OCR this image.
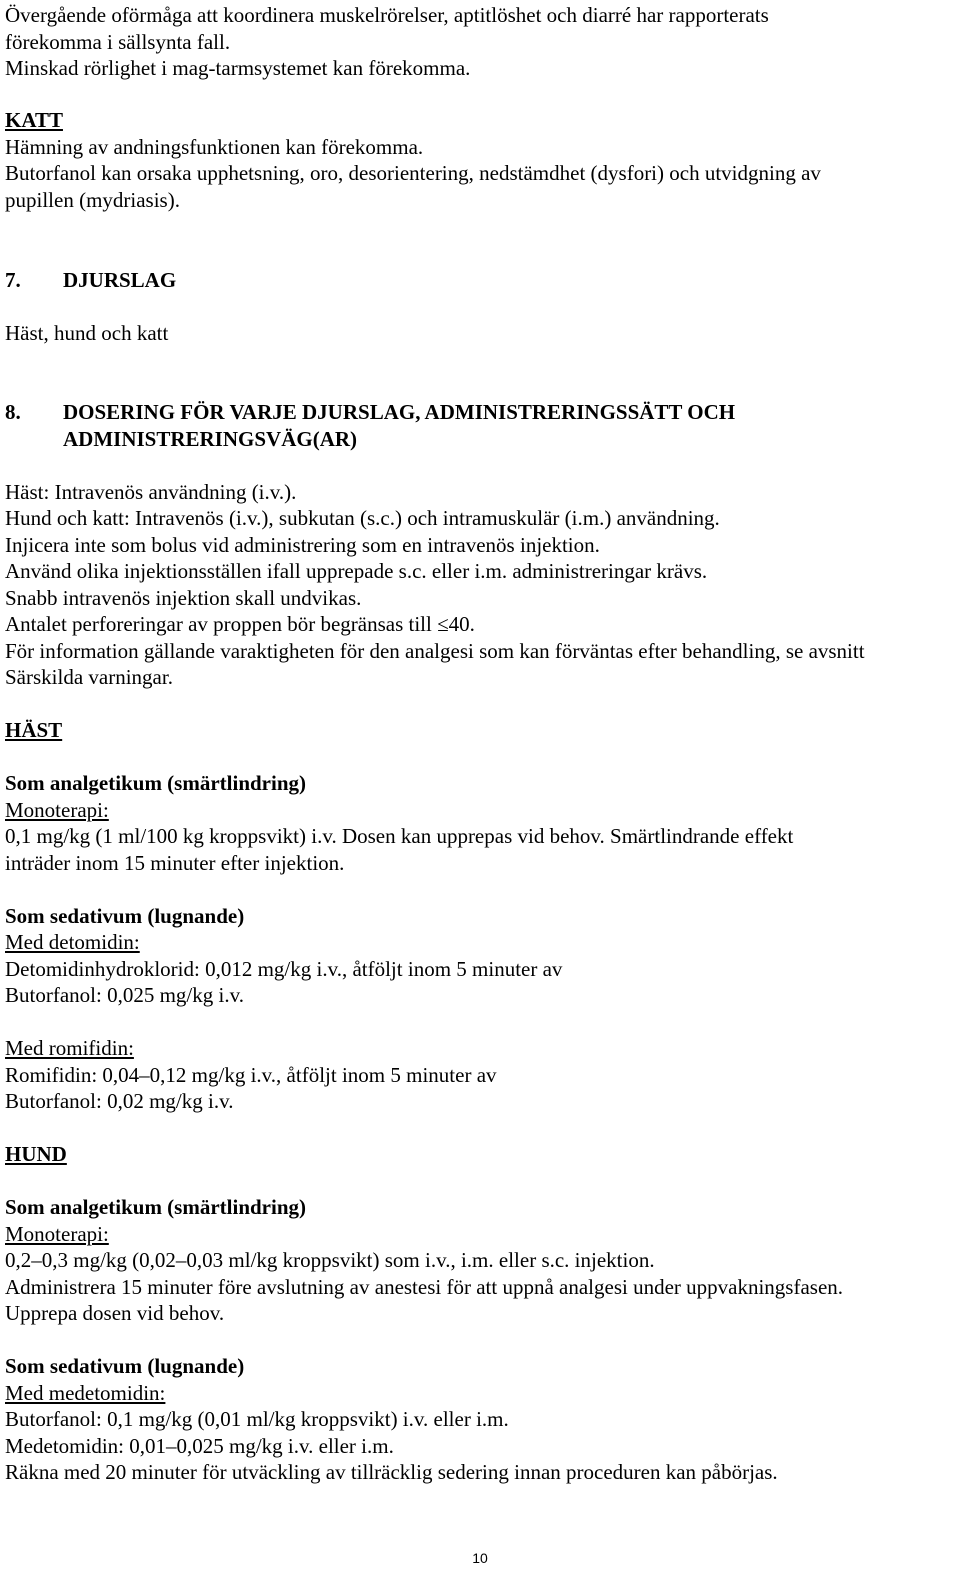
Övergående oförmåga att koordinera muskelrörelser, aptitlöshet och diarré har rapporterats
förekomma i sällsynta fall.
Minskad rörlighet i mag-tarmsystemet kan förekomma.
KATT
Hämning av andningsfunktionen kan förekomma.
Butorfanol kan orsaka upphetsning, oro, desorientering, nedstämdhet (dysfori) och utvidgning av
pupillen (mydriasis).
7. DJURSLAG
Häst, hund och katt
8. DOSERING FÖR VARJE DJURSLAG, ADMINISTRERINGSSÄTT OCH
ADMINISTRERINGSVÄG(AR)
Häst: Intravenös användning (i.v.).
Hund och katt: Intravenös (i.v.), subkutan (s.c.) och intramuskulär (i.m.) användning.
Injicera inte som bolus vid administrering som en intravenös injektion.
Använd olika injektionsställen ifall upprepade s.c. eller i.m. administreringar krävs.
Snabb intravenös injektion skall undvikas.
Antalet perforeringar av proppen bör begränsas till ≤40.
För information gällande varaktigheten för den analgesi som kan förväntas efter behandling, se avsnitt
Särskilda varningar.
HÄST
Som analgetikum (smärtlindring)
Monoterapi:
0,1 mg/kg (1 ml/100 kg kroppsvikt) i.v. Dosen kan upprepas vid behov. Smärtlindrande effekt
inträder inom 15 minuter efter injektion.
Som sedativum (lugnande)
Med detomidin:
Detomidinhydroklorid: 0,012 mg/kg i.v., åtföljt inom 5 minuter av
Butorfanol: 0,025 mg/kg i.v.
Med romifidin:
Romifidin: 0,04–0,12 mg/kg i.v., åtföljt inom 5 minuter av
Butorfanol: 0,02 mg/kg i.v.
HUND
Som analgetikum (smärtlindring)
Monoterapi:
0,2–0,3 mg/kg (0,02–0,03 ml/kg kroppsvikt) som i.v., i.m. eller s.c. injektion.
Administrera 15 minuter före avslutning av anestesi för att uppnå analgesi under uppvakningsfasen.
Upprepa dosen vid behov.
Som sedativum (lugnande)
Med medetomidin:
Butorfanol: 0,1 mg/kg (0,01 ml/kg kroppsvikt) i.v. eller i.m.
Medetomidin: 0,01–0,025 mg/kg i.v. eller i.m.
Räkna med 20 minuter för utväckling av tillräcklig sedering innan proceduren kan påbörjas.
10
